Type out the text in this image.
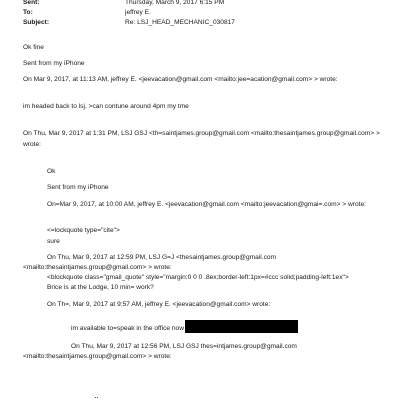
Sent:	Thursday, March 9, 2017 6:15 PM
To:	jeffrey E.
Subject:	Re: LSJ_HEAD_MECHANIC_030817
Ok fine
Sent from my iPhone
On Mar 9, 2017, at 11:13 AM, jeffrey E. <jeevacation@gmail.com <mailto:jee=acation@gmail.com> > wrote:
im headed back to lsj. >can contune around 4pm my tme
On Thu, Mar 9, 2017 at 1:31 PM, LSJ GSJ <th=saintjames.group@gmail.com <mailto:thesaintjames.group@gmail.com> >
wrote:
Ok
Sent from my iPhone
On=Mar 9, 2017, at 10:00 AM, jeffrey E. <jeevacation@gmail.com <mailto:jeevacation@gmai=.com> > wrote:
<=lockquote type="cite">
sure
On Thu, Mar 9, 2017 at 12:59 PM, LSJ G=J <thesaintjames.group@gmail.com
<mailto:thesaintjames.group@gmail.com> > wrote:
<blockquote class="gmail_quote" style="margin:0 0 0 .8ex;border-left:1px=#ccc solid;padding-left:1ex">
Brice is at the Lodge, 10 min= work?
On Th=, Mar 9, 2017 at 9:57 AM, jeffrey E. <jeevacation@gmail.com> wrote:
im available to=speak in the office now
On Thu, Mar 9, 2017 at 12:56 PM, LSJ GSJ thes=intjames.group@gmail.com
<mailto:thesaintjames.group@gmail.com> > wrote:
